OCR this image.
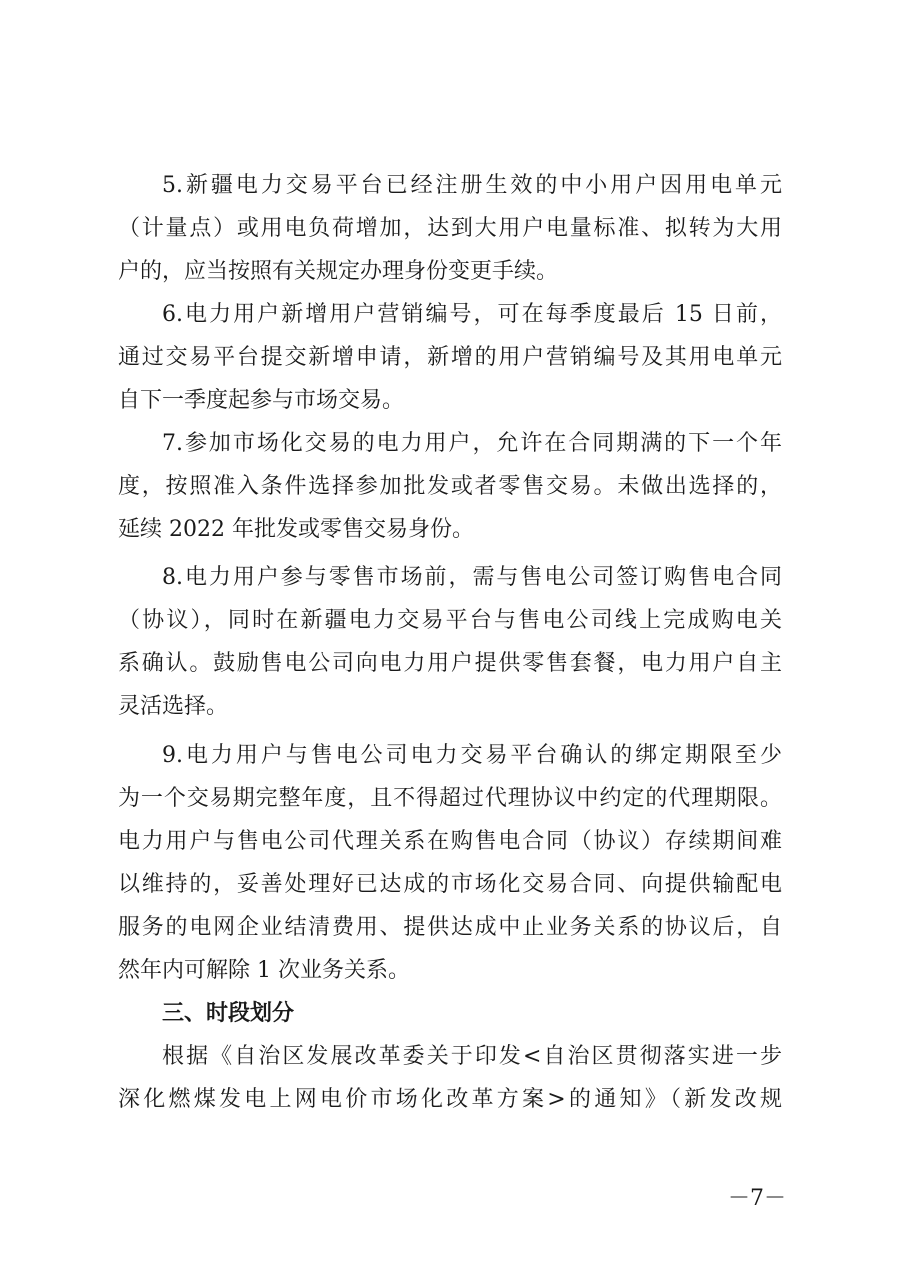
5.新疆电力交易平台已经注册生效的中小用户因用电单元
（计量点）或用电负荷增加，达到大用户电量标准、拟转为大用
户的，应当按照有关规定办理身份变更手续。
6.电力用户新增用户营销编号，可在每季度最后 15 日前，
通过交易平台提交新增申请，新增的用户营销编号及其用电单元
自下一季度起参与市场交易。
7.参加市场化交易的电力用户，允许在合同期满的下一个年
度，按照准入条件选择参加批发或者零售交易。未做出选择的，
延续 2022 年批发或零售交易身份。
8.电力用户参与零售市场前，需与售电公司签订购售电合同
（协议），同时在新疆电力交易平台与售电公司线上完成购电关
系确认。鼓励售电公司向电力用户提供零售套餐，电力用户自主
灵活选择。
9.电力用户与售电公司电力交易平台确认的绑定期限至少
为一个交易期完整年度，且不得超过代理协议中约定的代理期限。
电力用户与售电公司代理关系在购售电合同（协议）存续期间难
以维持的，妥善处理好已达成的市场化交易合同、向提供输配电
服务的电网企业结清费用、提供达成中止业务关系的协议后，自
然年内可解除 1 次业务关系。
三、时段划分
根据《自治区发展改革委关于印发<自治区贯彻落实进一步
深化燃煤发电上网电价市场化改革方案>的通知》（新发改规
－7－
